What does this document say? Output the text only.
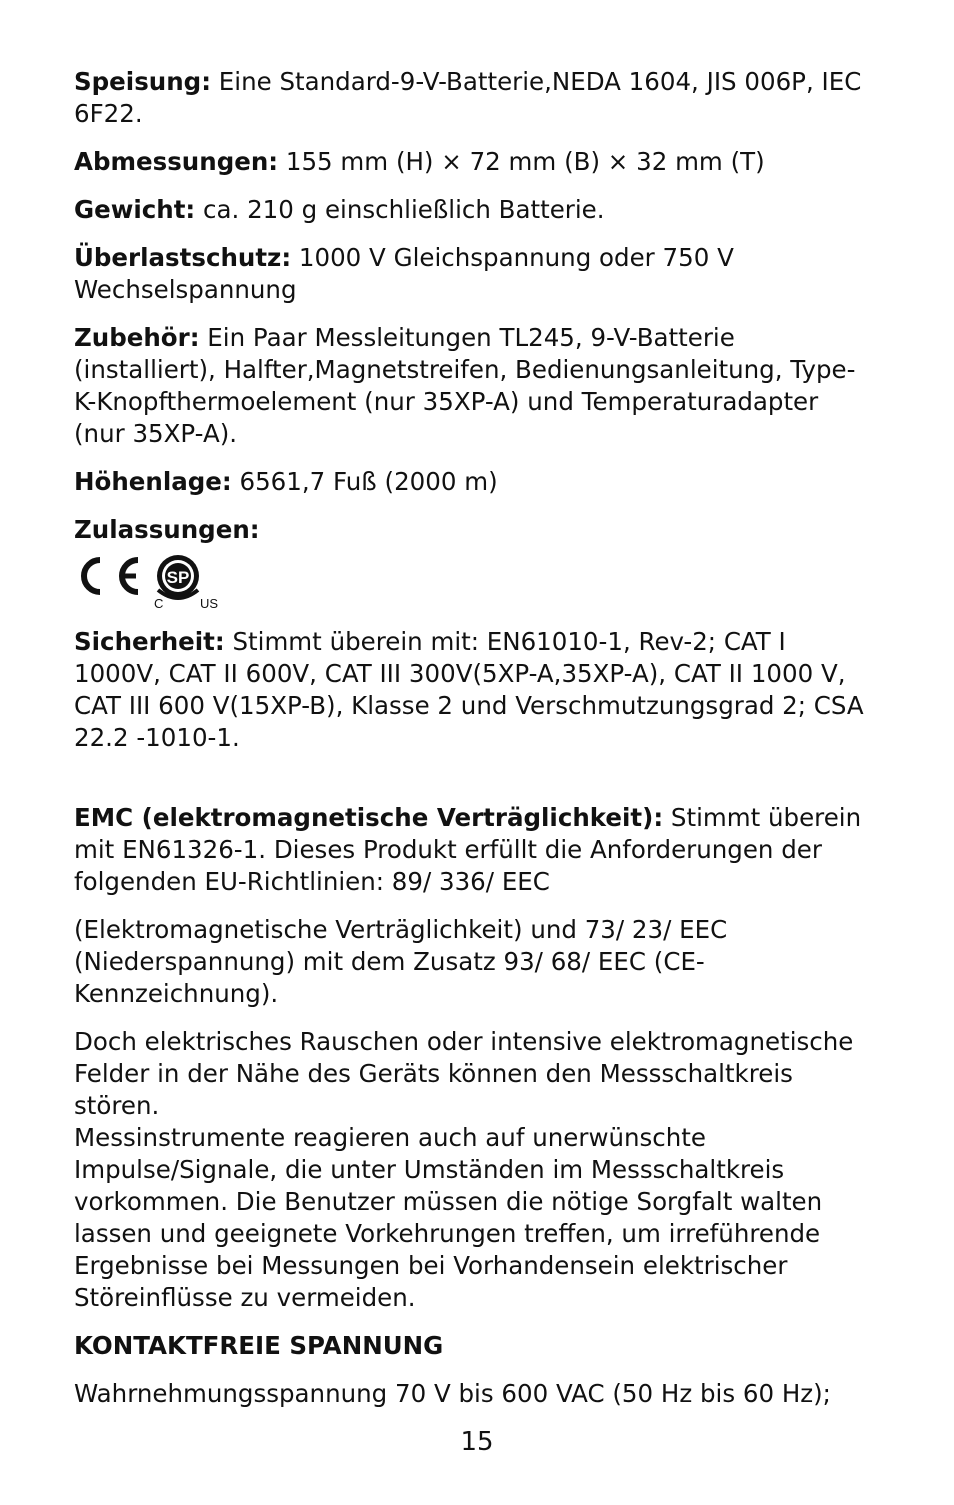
Speisung: Eine Standard-9-V-Batterie,NEDA 1604, JIS 006P, IEC 6F22.

Abmessungen: 155 mm (H) × 72 mm (B) × 32 mm (T)

Gewicht: ca. 210 g einschließlich Batterie.

Überlastschutz: 1000 V Gleichspannung oder 750 V Wechselspannung

Zubehör: Ein Paar Messleitungen TL245, 9-V-Batterie (installiert), Halfter,Magnetstreifen, Bedienungsanleitung, Type-K-Knopfthermoelement (nur 35XP-A) und Temperaturadapter (nur 35XP-A).

Höhenlage: 6561,7 Fuß (2000 m)

Zulassungen:

SP
C	US

Sicherheit: Stimmt überein mit: EN61010-1, Rev-2; CAT I 1000V, CAT II 600V, CAT III 300V(5XP-A,35XP-A), CAT II 1000 V, CAT III 600 V(15XP-B), Klasse 2 und Verschmutzungsgrad 2; CSA 22.2 -1010-1.

EMC (elektromagnetische Verträglichkeit): Stimmt überein mit EN61326-1. Dieses Produkt erfüllt die Anforderungen der folgenden EU-Richtlinien: 89/ 336/ EEC

(Elektromagnetische Verträglichkeit) und 73/ 23/ EEC (Niederspannung) mit dem Zusatz 93/ 68/ EEC (CE-Kennzeichnung).

Doch elektrisches Rauschen oder intensive elektromagnetische Felder in der Nähe des Geräts können den Messschaltkreis stören.

Messinstrumente reagieren auch auf unerwünschte Impulse/Signale, die unter Umständen im Messschaltkreis vorkommen. Die Benutzer müssen die nötige Sorgfalt walten lassen und geeignete Vorkehrungen treffen, um irreführende Ergebnisse bei Messungen bei Vorhandensein elektrischer Störeinflüsse zu vermeiden.

KONTAKTFREIE SPANNUNG

Wahrnehmungsspannung 70 V bis 600 VAC (50 Hz bis 60 Hz);

15
